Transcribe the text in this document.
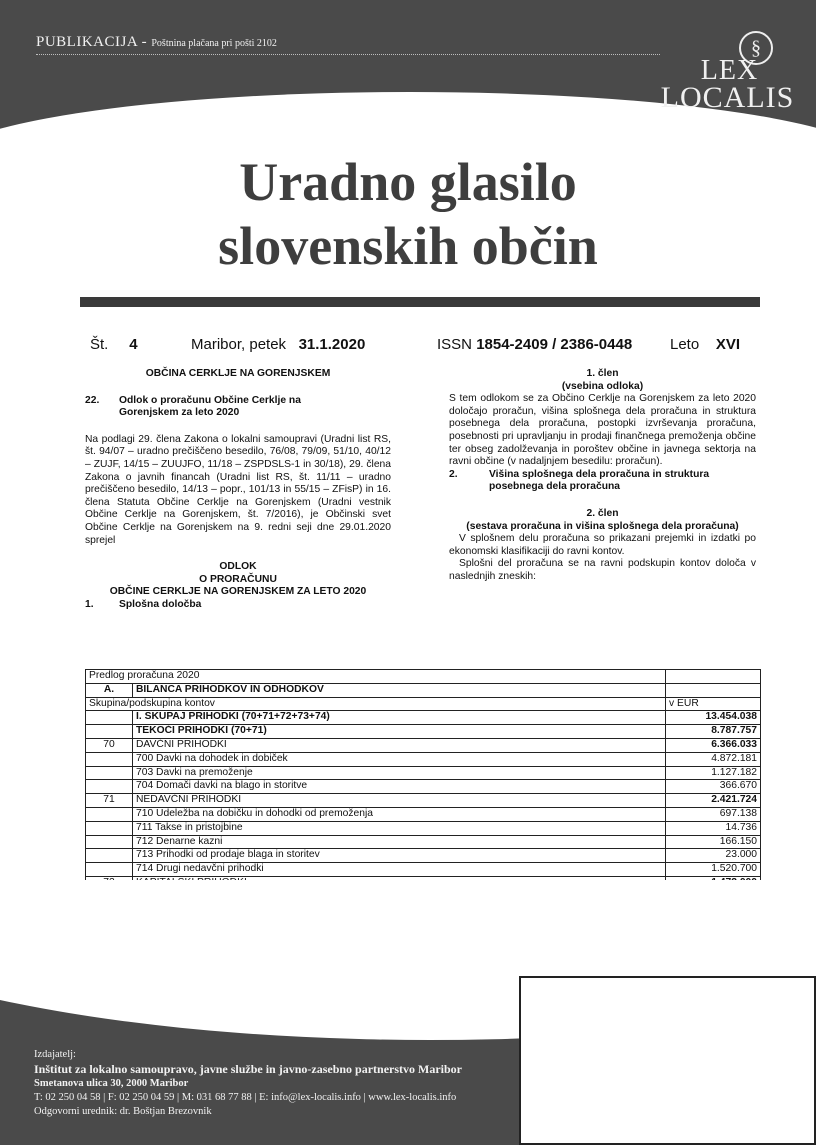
PUBLIKACIJA - Poštnina plačana pri pošti 2102	§
LEX
LOCALIS
Uradno glasilo
slovenskih občin
Št. 4	Maribor, petek 31.1.2020	ISSN 1854-2409 / 2386-0448	Leto XVI
OBČINA CERKLJE NA GORENJSKEM
22.	Odlok o proračunu Občine Cerklje na
Gorenjskem za leto 2020
Na podlagi 29. člena Zakona o lokalni samoupravi (Uradni list RS, št. 94/07 – uradno prečiščeno besedilo, 76/08, 79/09, 51/10, 40/12 – ZUJF, 14/15 – ZUUJFO, 11/18 – ZSPDSLS-1 in 30/18), 29. člena Zakona o javnih financah (Uradni list RS, št. 11/11 – uradno prečiščeno besedilo, 14/13 – popr., 101/13 in 55/15 – ZFisP) in 16. člena Statuta Občine Cerklje na Gorenjskem (Uradni vestnik Občine Cerklje na Gorenjskem, št. 7/2016), je Občinski svet Občine Cerklje na Gorenjskem na 9. redni seji dne 29.01.2020 sprejel
ODLOK
O PRORAČUNU
OBČINE CERKLJE NA GORENJSKEM ZA LETO 2020
1.	Splošna določba
1. člen
(vsebina odloka)
S tem odlokom se za Občino Cerklje na Gorenjskem za leto 2020 določajo proračun, višina splošnega dela proračuna in struktura posebnega dela proračuna, postopki izvrševanja proračuna, posebnosti pri upravljanju in prodaji finančnega premoženja občine ter obseg zadolževanja in poroštev občine in javnega sektorja na ravni občine (v nadaljnjem besedilu: proračun).
2.	Višina splošnega dela proračuna in struktura posebnega dela proračuna
2. člen
(sestava proračuna in višina splošnega dela proračuna)
V splošnem delu proračuna so prikazani prejemki in izdatki po ekonomski klasifikaciji do ravni kontov.
Splošni del proračuna se na ravni podskupin kontov določa v naslednjih zneskih:
Predlog proračuna 2020		
A.	BILANCA PRIHODKOV IN ODHODKOV	
Skupina/podskupina kontov		v EUR
	I. SKUPAJ PRIHODKI (70+71+72+73+74)	13.454.038
	TEKOČI PRIHODKI (70+71)	8.787.757
70	DAVČNI PRIHODKI	6.366.033
	700 Davki na dohodek in dobiček	4.872.181
	703 Davki na premoženje	1.127.182
	704 Domači davki na blago in storitve	366.670
71	NEDAVČNI PRIHODKI	2.421.724
	710 Udeležba na dobičku in dohodki od premoženja	697.138
	711 Takse in pristojbine	14.736
	712 Denarne kazni	166.150
	713 Prihodki od prodaje blaga in storitev	23.000
	714 Drugi nedavčni prihodki	1.520.700

Izdajatelj:
Inštitut za lokalno samoupravo, javne službe in javno-zasebno partnerstvo Maribor
Smetanova ulica 30, 2000 Maribor
T: 02 250 04 58 | F: 02 250 04 59 | M: 031 68 77 88 | E: info@lex-localis.info | www.lex-localis.info
Odgovorni urednik: dr. Boštjan Brezovnik
